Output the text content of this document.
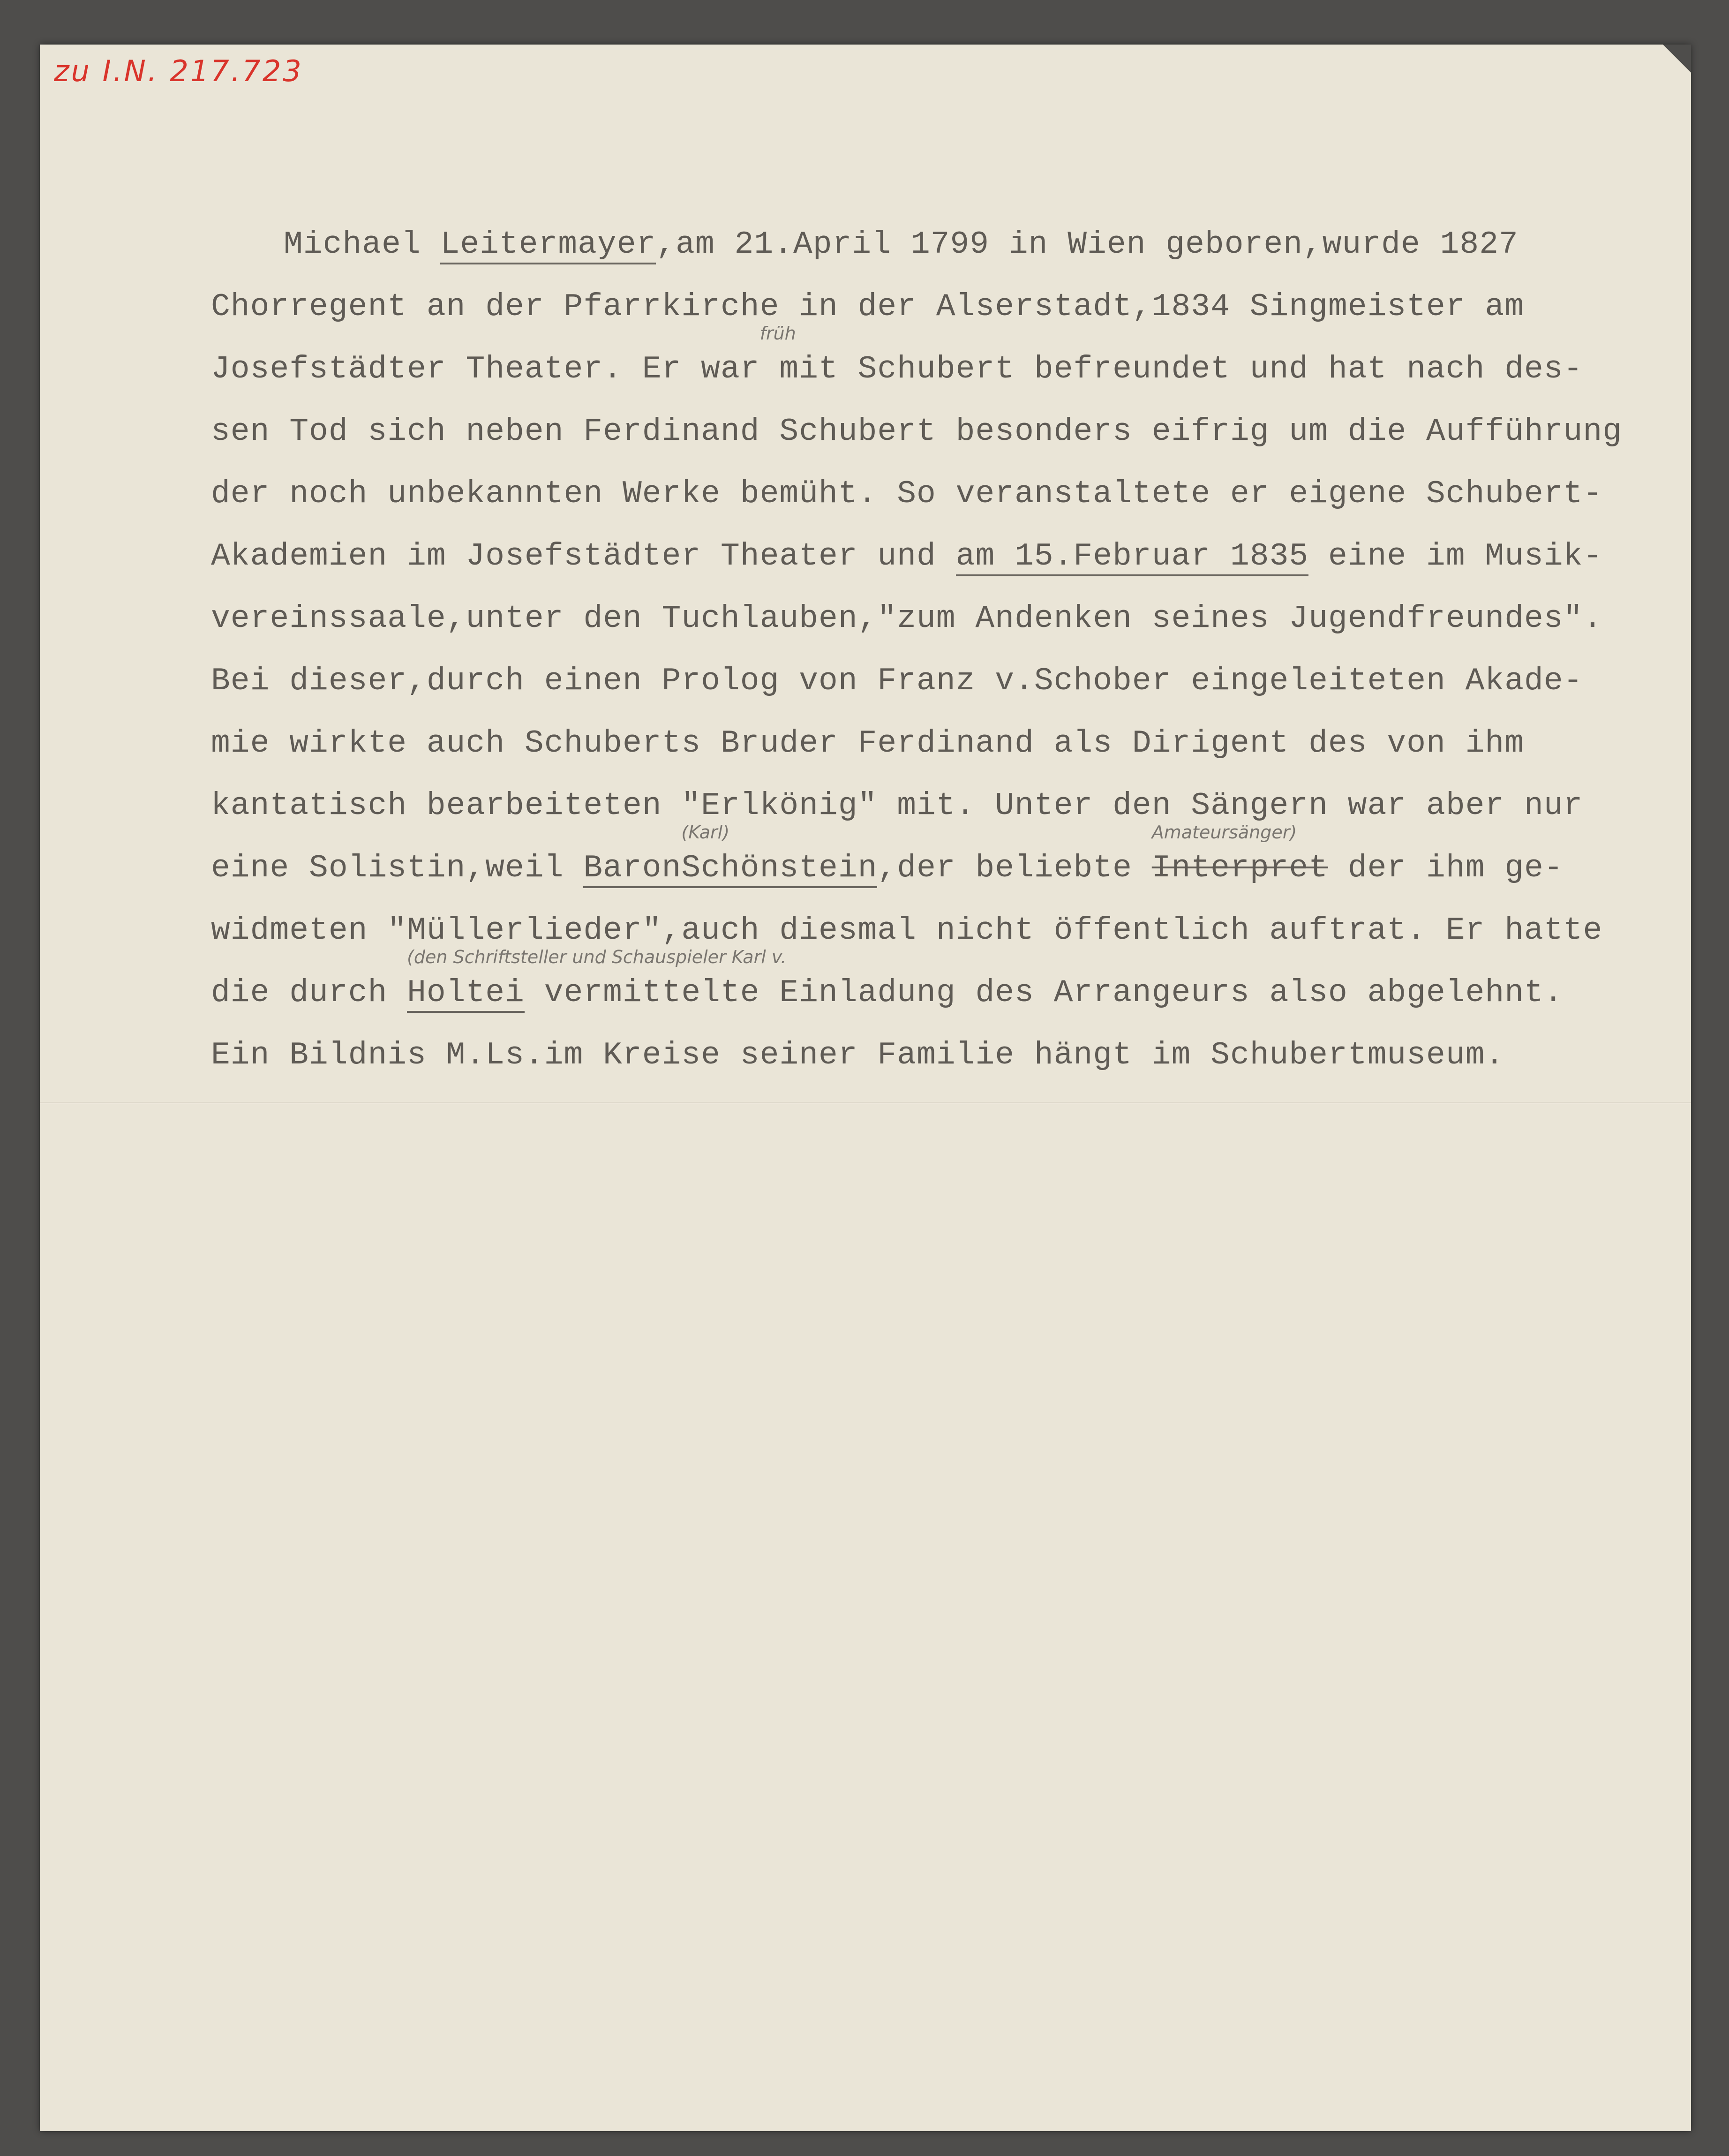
zu I.N. 217.723
Michael Leitermayer,am 21.April 1799 in Wien geboren,wurde 1827
Chorregent an der Pfarrkirche in der Alserstadt,1834 Singmeister am
Josefstädter Theater. Er war
früh
mit Schubert befreundet und hat nach des-
sen Tod sich neben Ferdinand Schubert besonders eifrig um die Aufführung
der noch unbekannten Werke bemüht. So veranstaltete er eigene Schubert-
Akademien im Josefstädter Theater und am 15.Februar 1835 eine im Musik-
vereinssaale,unter den Tuchlauben,"zum Andenken seines Jugendfreundes".
Bei dieser,durch einen Prolog von Franz v.Schober eingeleiteten Akade-
mie wirkte auch Schuberts Bruder Ferdinand als Dirigent des von ihm
kantatisch bearbeiteten "Erlkönig" mit. Unter den Sängern war aber nur
eine Solistin,weil Baron
(Karl)
Schönstein,der beliebte
Amateursänger)
Interpret der ihm ge-
widmeten "Müllerlieder",auch diesmal nicht öffentlich auftrat. Er hatte
die durch
(den Schriftsteller und Schauspieler Karl v.
Holtei vermittelte Einladung des Arrangeurs also abgelehnt.
Ein Bildnis M.Ls.im Kreise seiner Familie hängt im Schubertmuseum.
